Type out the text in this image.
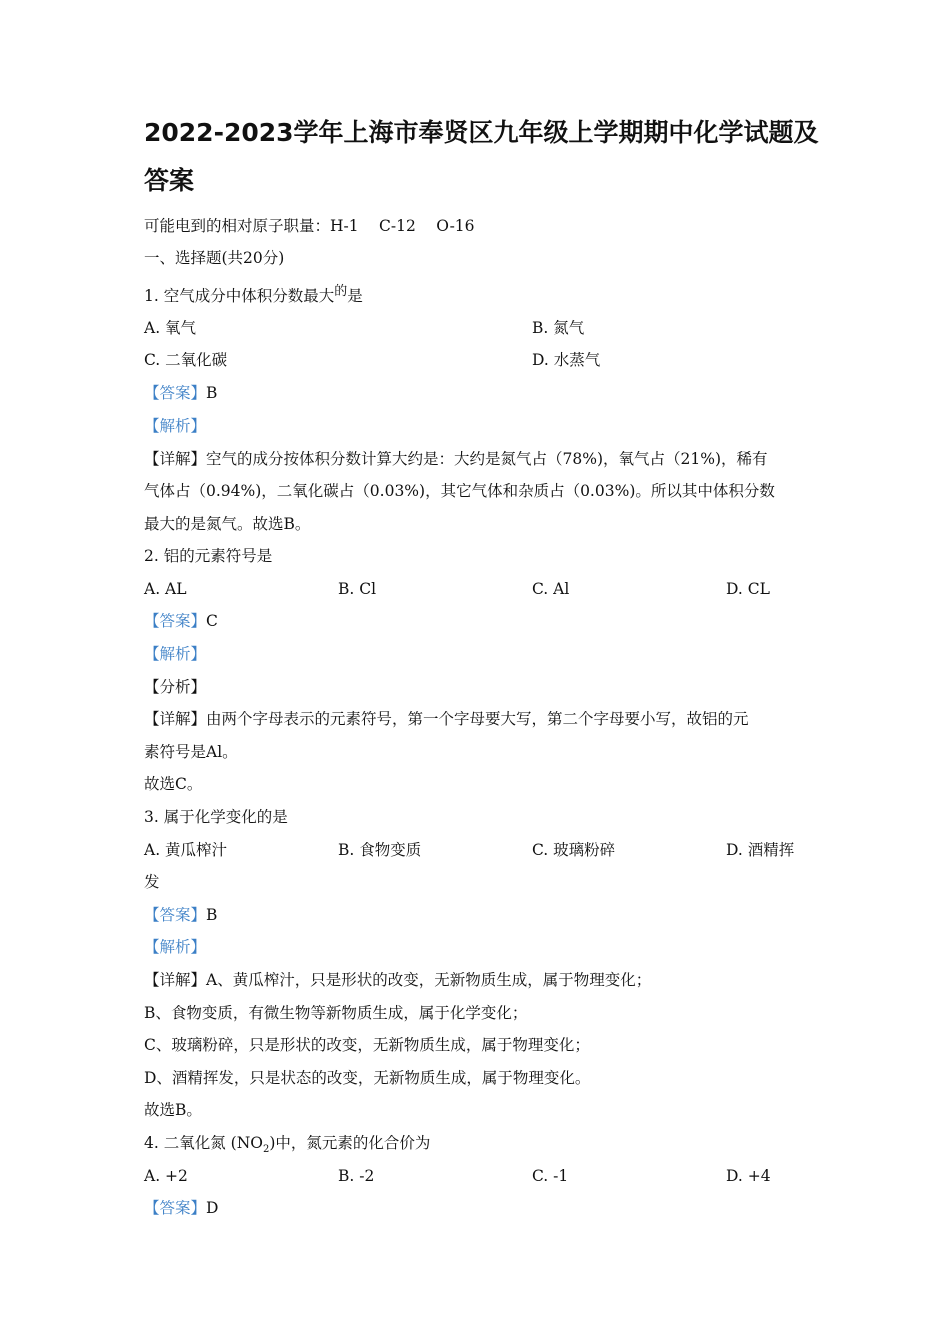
2022-2023学年上海市奉贤区九年级上学期期中化学试题及
答案
可能电到的相对原子职量：H-1　 C-12　 O-16
一、选择题(共20分)
1. 空气成分中体积分数最大$^的$是
A. 氧气	B. 氮气
C. 二氧化碳	D. 水蒸气
【答案】B
【解析】
【详解】空气的成分按体积分数计算大约是：大约是氮气占（78%)，氧气占（21%)，稀有
气体占（0.94%)，二氧化碳占（0.03%)，其它气体和杂质占（0.03%)。所以其中体积分数
最大的是氮气。故选B。
2. 铝的元素符号是
A. AL	B. Cl	C. Al	D. CL
【答案】C
【解析】
【分析】
【详解】由两个字母表示的元素符号，第一个字母要大写，第二个字母要小写，故铝的元
素符号是Al。
故选C。
3. 属于化学变化的是
A. 黄瓜榨汁	B. 食物变质	C. 玻璃粉碎	D. 酒精挥
发
【答案】B
【解析】
【详解】A、黄瓜榨汁，只是形状的改变，无新物质生成，属于物理变化；
B、食物变质，有微生物等新物质生成，属于化学变化；
C、玻璃粉碎，只是形状的改变，无新物质生成，属于物理变化；
D、酒精挥发，只是状态的改变，无新物质生成，属于物理变化。
故选B。
4. 二氧化氮 $(NO_2)$中，氮元素的化合价为
A. +2	B. -2	C. -1	D. +4
【答案】D
